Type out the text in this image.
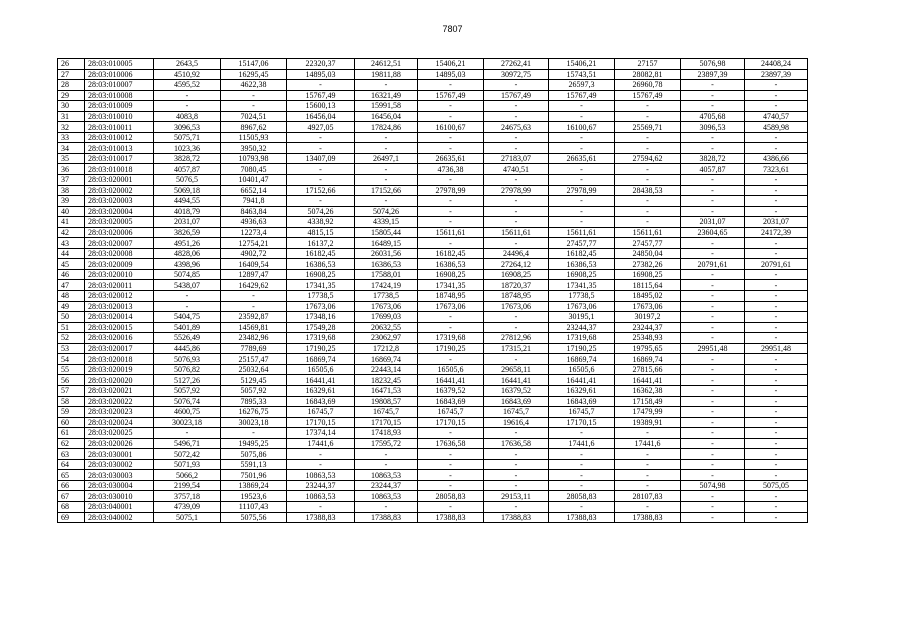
7807
26	28:03:010005	2643,5	15147,06	22320,37	24612,51	15406,21	27262,41	15406,21	27157	5076,98	24408,24
27	28:03:010006	4510,92	16295,45	14895,03	19811,88	14895,03	30972,75	15743,51	28082,81	23897,39	23897,39
28	28:03:010007	4595,52	4622,38	-	-	-	-	26597,3	26960,78	-	-
29	28:03:010008	-	-	15767,49	16321,49	15767,49	15767,49	15767,49	15767,49	-	-
30	28:03:010009	-	-	15600,13	15991,58	-	-	-	-	-	-
31	28:03:010010	4083,8	7024,51	16456,04	16456,04	-	-	-	-	4705,68	4740,57
32	28:03:010011	3096,53	8967,62	4927,05	17824,86	16100,67	24675,63	16100,67	25569,71	3096,53	4589,98
33	28:03:010012	5075,71	11505,93	-	-	-	-	-	-	-	-
34	28:03:010013	1023,36	3950,32	-	-	-	-	-	-	-	-
35	28:03:010017	3828,72	10793,98	13407,09	26497,1	26635,61	27183,07	26635,61	27594,62	3828,72	4386,66
36	28:03:010018	4057,87	7080,45	-	-	4736,38	4740,51	-	-	4057,87	7323,61
37	28:03:020001	5076,5	10401,47	-	-	-	-	-	-	-	-
38	28:03:020002	5069,18	6652,14	17152,66	17152,66	27978,99	27978,99	27978,99	28438,53	-	-
39	28:03:020003	4494,55	7941,8	-	-	-	-	-	-	-	-
40	28:03:020004	4018,79	8463,84	5074,26	5074,26	-	-	-	-	-	-
41	28:03:020005	2031,07	4936,63	4338,92	4339,15	-	-	-	-	2031,07	2031,07
42	28:03:020006	3826,59	12273,4	4815,15	15805,44	15611,61	15611,61	15611,61	15611,61	23604,65	24172,39
43	28:03:020007	4951,26	12754,21	16137,2	16489,15	-	-	27457,77	27457,77	-	-
44	28:03:020008	4828,06	4902,72	16182,45	26031,56	16182,45	24496,4	16182,45	24850,04	-	-
45	28:03:020009	4398,96	16409,54	16386,53	16386,53	16386,53	27264,12	16386,53	27382,26	20791,61	20791,61
46	28:03:020010	5074,85	12897,47	16908,25	17588,01	16908,25	16908,25	16908,25	16908,25	-	-
47	28:03:020011	5438,07	16429,62	17341,35	17424,19	17341,35	18720,37	17341,35	18115,64	-	-
48	28:03:020012	-	-	17738,5	17738,5	18748,95	18748,95	17738,5	18495,02	-	-
49	28:03:020013	-	-	17673,06	17673,06	17673,06	17673,06	17673,06	17673,06	-	-
50	28:03:020014	5404,75	23592,87	17348,16	17699,03	-	-	30195,1	30197,2	-	-
51	28:03:020015	5401,89	14569,81	17549,28	20632,55	-	-	23244,37	23244,37	-	-
52	28:03:020016	5526,49	23482,96	17319,68	23062,97	17319,68	27812,96	17319,68	25348,93	-	-
53	28:03:020017	4445,86	7789,69	17190,25	17212,8	17190,25	17315,21	17190,25	19795,65	29951,48	29951,48
54	28:03:020018	5076,93	25157,47	16869,74	16869,74	-	-	16869,74	16869,74	-	-
55	28:03:020019	5076,82	25032,64	16505,6	22443,14	16505,6	29658,11	16505,6	27815,66	-	-
56	28:03:020020	5127,26	5129,45	16441,41	18232,45	16441,41	16441,41	16441,41	16441,41	-	-
57	28:03:020021	5057,92	5057,92	16329,61	16471,53	16379,52	16379,52	16329,61	16362,38	-	-
58	28:03:020022	5076,74	7895,33	16843,69	19808,57	16843,69	16843,69	16843,69	17158,49	-	-
59	28:03:020023	4600,75	16276,75	16745,7	16745,7	16745,7	16745,7	16745,7	17479,99	-	-
60	28:03:020024	30023,18	30023,18	17170,15	17170,15	17170,15	19616,4	17170,15	19389,91	-	-
61	28:03:020025	-	-	17374,14	17418,93	-	-	-	-	-	-
62	28:03:020026	5496,71	19495,25	17441,6	17595,72	17636,58	17636,58	17441,6	17441,6	-	-
63	28:03:030001	5072,42	5075,86	-	-	-	-	-	-	-	-
64	28:03:030002	5071,93	5591,13	-	-	-	-	-	-	-	-
65	28:03:030003	5066,2	7501,96	10863,53	10863,53	-	-	-	-	-	-
66	28:03:030004	2199,54	13869,24	23244,37	23244,37	-	-	-	-	5074,98	5075,05
67	28:03:030010	3757,18	19523,6	10863,53	10863,53	28058,83	29153,11	28058,83	28107,83	-	-
68	28:03:040001	4739,09	11107,43	-	-	-	-	-	-	-	-
69	28:03:040002	5075,1	5075,56	17388,83	17388,83	17388,83	17388,83	17388,83	17388,83	-	-
